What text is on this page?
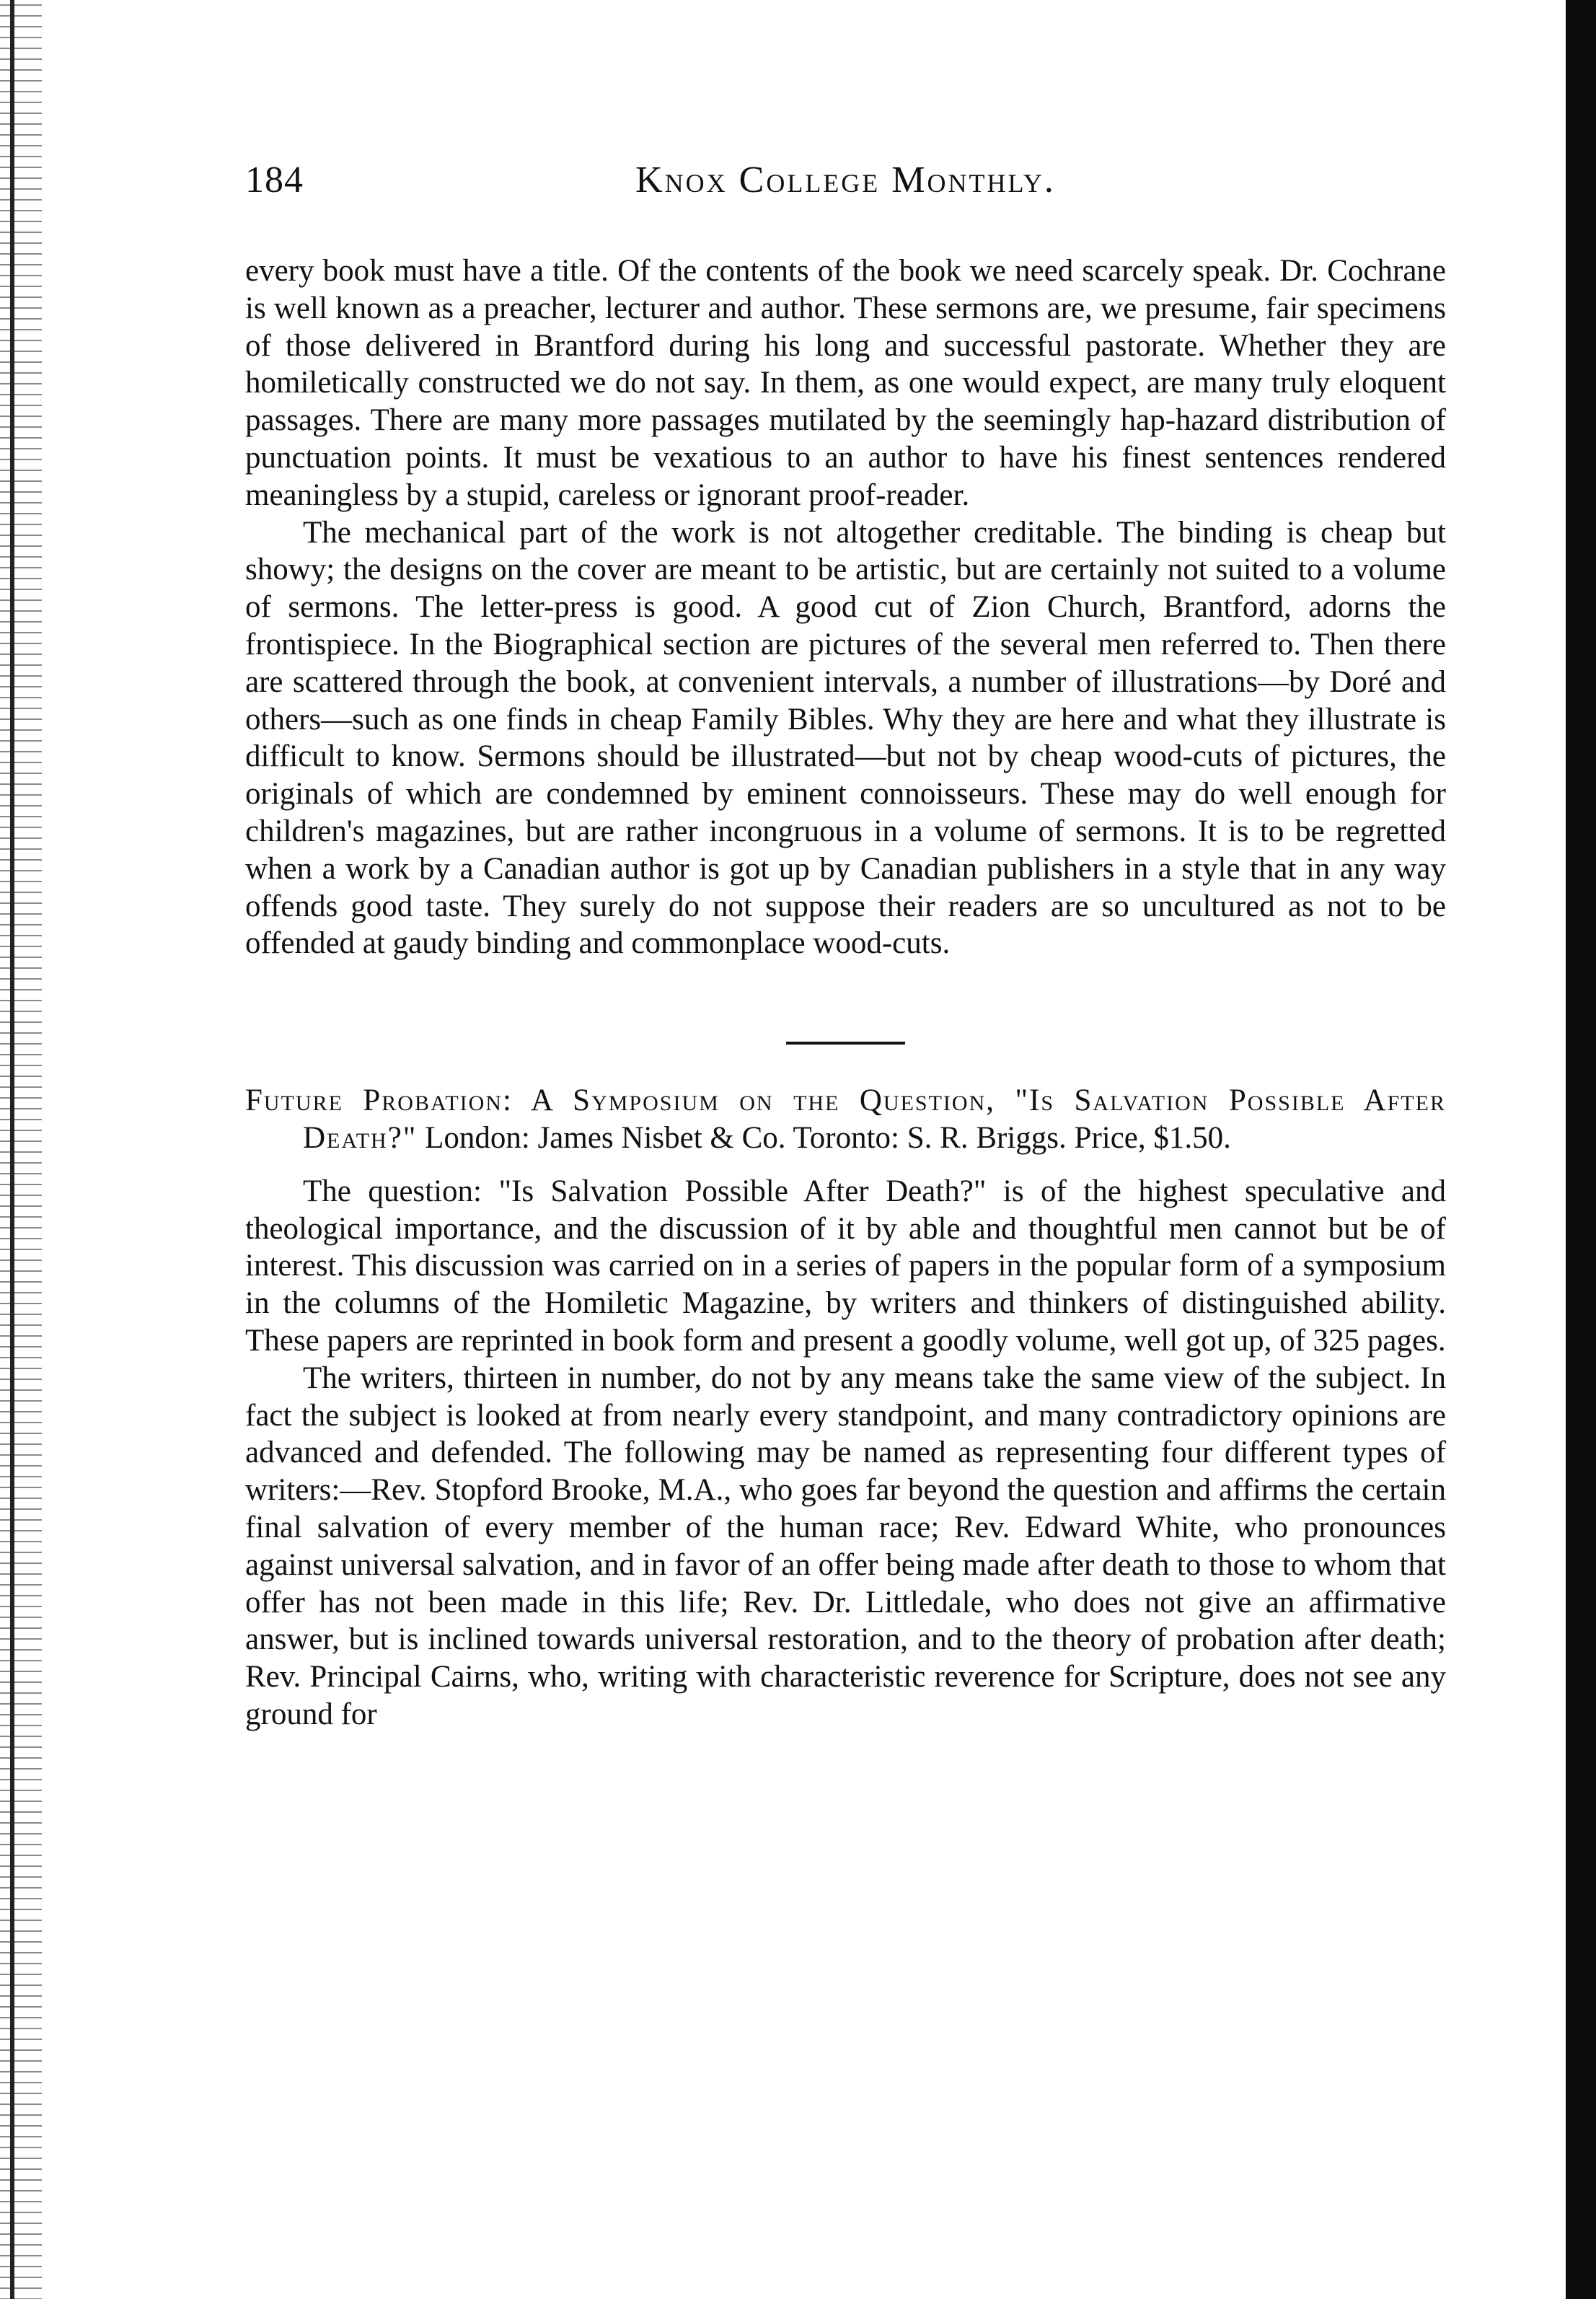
184	Knox College Monthly.

every book must have a title. Of the contents of the book we need scarcely speak. Dr. Cochrane is well known as a preacher, lecturer and author. These sermons are, we presume, fair specimens of those delivered in Brantford during his long and successful pastorate. Whether they are homiletically constructed we do not say. In them, as one would expect, are many truly eloquent passages. There are many more passages mutilated by the seemingly hap-hazard distribution of punctuation points. It must be vexatious to an author to have his finest sentences rendered meaningless by a stupid, careless or ignorant proof-reader.

The mechanical part of the work is not altogether creditable. The binding is cheap but showy; the designs on the cover are meant to be artistic, but are certainly not suited to a volume of sermons. The letter-press is good. A good cut of Zion Church, Brantford, adorns the frontispiece. In the Biographical section are pictures of the several men referred to. Then there are scattered through the book, at convenient intervals, a number of illustrations—by Doré and others—such as one finds in cheap Family Bibles. Why they are here and what they illustrate is difficult to know. Sermons should be illustrated—but not by cheap wood-cuts of pictures, the originals of which are condemned by eminent connoisseurs. These may do well enough for children's magazines, but are rather incongruous in a volume of sermons. It is to be regretted when a work by a Canadian author is got up by Canadian publishers in a style that in any way offends good taste. They surely do not suppose their readers are so uncultured as not to be offended at gaudy binding and commonplace wood-cuts.

Future Probation: A Symposium on the Question, "Is Salvation Possible After Death?" London: James Nisbet & Co. Toronto: S. R. Briggs. Price, $1.50.

The question: "Is Salvation Possible After Death?" is of the highest speculative and theological importance, and the discussion of it by able and thoughtful men cannot but be of interest. This discussion was carried on in a series of papers in the popular form of a symposium in the columns of the Homiletic Magazine, by writers and thinkers of distinguished ability. These papers are reprinted in book form and present a goodly volume, well got up, of 325 pages.

The writers, thirteen in number, do not by any means take the same view of the subject. In fact the subject is looked at from nearly every standpoint, and many contradictory opinions are advanced and defended. The following may be named as representing four different types of writers:—Rev. Stopford Brooke, M.A., who goes far beyond the question and affirms the certain final salvation of every member of the human race; Rev. Edward White, who pronounces against universal salvation, and in favor of an offer being made after death to those to whom that offer has not been made in this life; Rev. Dr. Littledale, who does not give an affirmative answer, but is inclined towards universal restoration, and to the theory of probation after death; Rev. Principal Cairns, who, writing with characteristic reverence for Scripture, does not see any ground for
